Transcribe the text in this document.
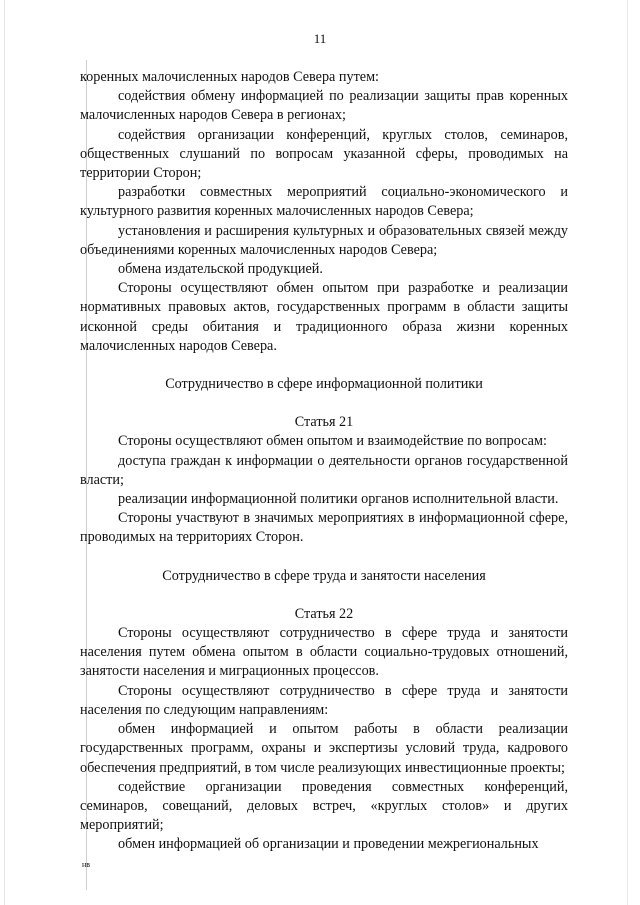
11

коренных малочисленных народов Севера путем:

содействия обмену информацией по реализации защиты прав коренных малочисленных народов Севера в регионах;

содействия организации конференций, круглых столов, семинаров, общественных слушаний по вопросам указанной сферы, проводимых на территории Сторон;

разработки совместных мероприятий социально-экономического и культурного развития коренных малочисленных народов Севера;

установления и расширения культурных и образовательных связей между объединениями коренных малочисленных народов Севера;

обмена издательской продукцией.

Стороны осуществляют обмен опытом при разработке и реализации нормативных правовых актов, государственных программ в области защиты исконной среды обитания и традиционного образа жизни коренных малочисленных народов Севера.

Сотрудничество в сфере информационной политики

Статья 21

Стороны осуществляют обмен опытом и взаимодействие по вопросам:

доступа граждан к информации о деятельности органов государственной власти;

реализации информационной политики органов исполнительной власти.

Стороны участвуют в значимых мероприятиях в информационной сфере, проводимых на территориях Сторон.

Сотрудничество в сфере труда и занятости населения

Статья 22

Стороны осуществляют сотрудничество в сфере труда и занятости населения путем обмена опытом в области социально-трудовых отношений, занятости населения и миграционных процессов.

Стороны осуществляют сотрудничество в сфере труда и занятости населения по следующим направлениям:

обмен информацией и опытом работы в области реализации государственных программ, охраны и экспертизы условий труда, кадрового обеспечения предприятий, в том числе реализующих инвестиционные проекты;

содействие организации проведения совместных конференций, семинаров, совещаний, деловых встреч, «круглых столов» и других мероприятий;

обмен информацией об организации и проведении межрегиональных

нв
